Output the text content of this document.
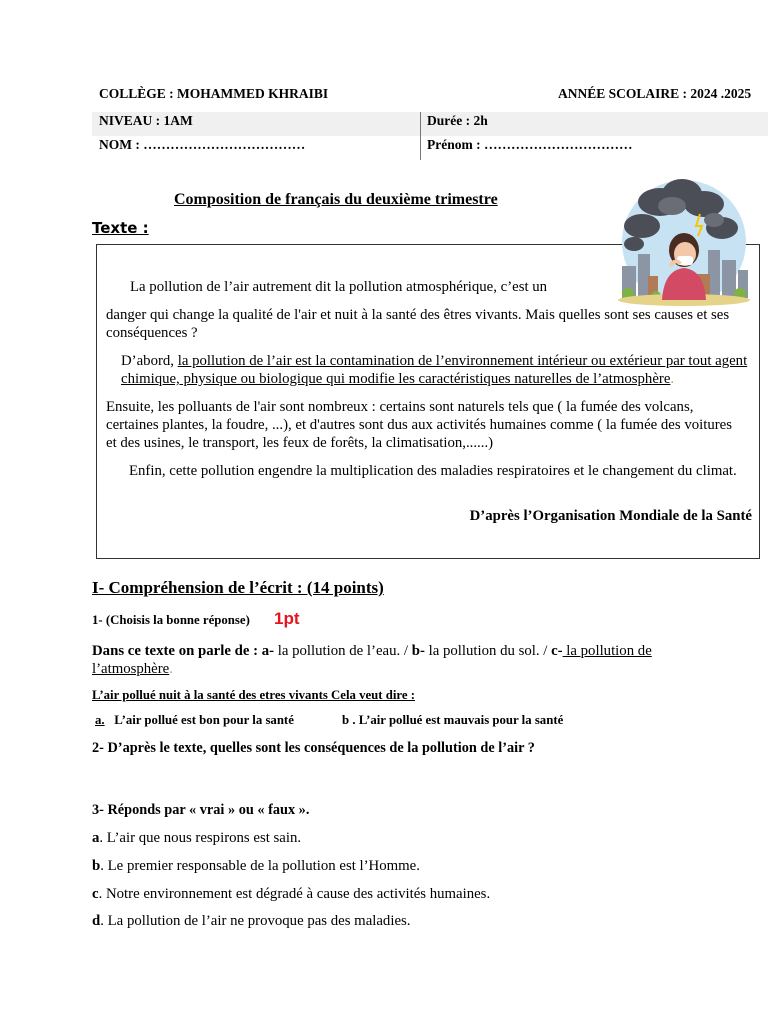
COLLÈGE : MOHAMMED KHRAIBI	ANNÉE SCOLAIRE : 2024 .2025
NIVEAU : 1AM	Durée : 2h
NOM : ………………………………	Prénom : ……………………………
Composition de français du deuxième trimestre
Texte :
La pollution de l’air autrement dit la pollution atmosphérique, c’est un
danger qui change la qualité de l'air et nuit à la santé des êtres vivants. Mais quelles sont ses causes et ses conséquences ?
D’abord, la pollution de l’air est la contamination de l’environnement intérieur ou extérieur par tout agent chimique, physique ou biologique qui modifie les caractéristiques naturelles de l’atmosphère.
Ensuite, les polluants de l'air sont nombreux : certains sont naturels tels que ( la fumée des volcans, certaines plantes, la foudre, ...), et d'autres sont dus aux activités humaines comme ( la fumée des voitures et des usines, le transport, les feux de forêts, la climatisation,......)
Enfin, cette pollution engendre la multiplication des maladies respiratoires et le changement du climat.
D’après l’Organisation Mondiale de la Santé
I- Compréhension de l’écrit : (14 points)
1- (Choisis la bonne réponse) 1pt
Dans ce texte on parle de : a- la pollution de l’eau. / b- la pollution du sol. / c- la pollution de l’atmosphère.
L’air pollué nuit à la santé des etres vivants Cela veut dire :
a.   L’air pollué est bon pour la santé	b . L’air pollué est mauvais pour la santé
2- D’après le texte, quelles sont les conséquences de la pollution de l’air ?
3- Réponds par « vrai » ou « faux ».
a. L’air que nous respirons est sain.
b. Le premier responsable de la pollution est l’Homme.
c. Notre environnement est dégradé à cause des activités humaines.
d. La pollution de l’air ne provoque pas des maladies.
